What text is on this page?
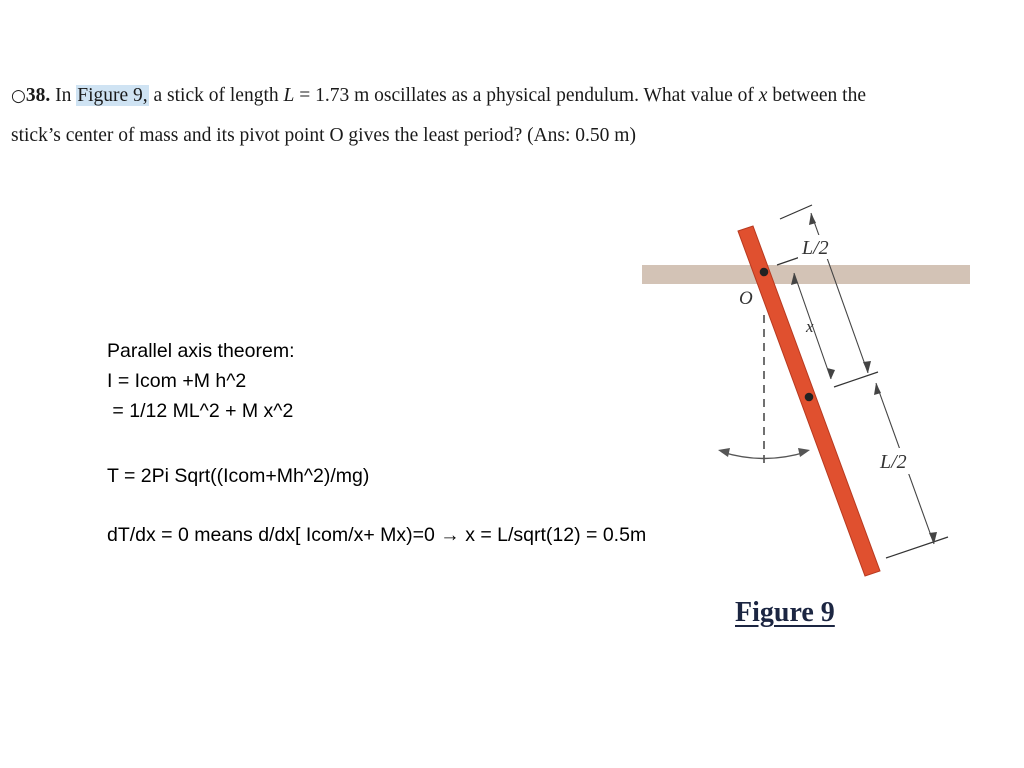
○38. In Figure 9, a stick of length L = 1.73 m oscillates as a physical pendulum. What value of x between the
stick’s center of mass and its pivot point O gives the least period? (Ans: 0.50 m)
Parallel axis theorem:
I = Icom +M h^2
= 1/12 ML^2 + M x^2
T = 2Pi Sqrt((Icom+Mh^2)/mg)
dT/dx = 0 means d/dx[ Icom/x+ Mx)=0 → x = L/sqrt(12) = 0.5m
L/2
x
O
L/2
Figure 9
